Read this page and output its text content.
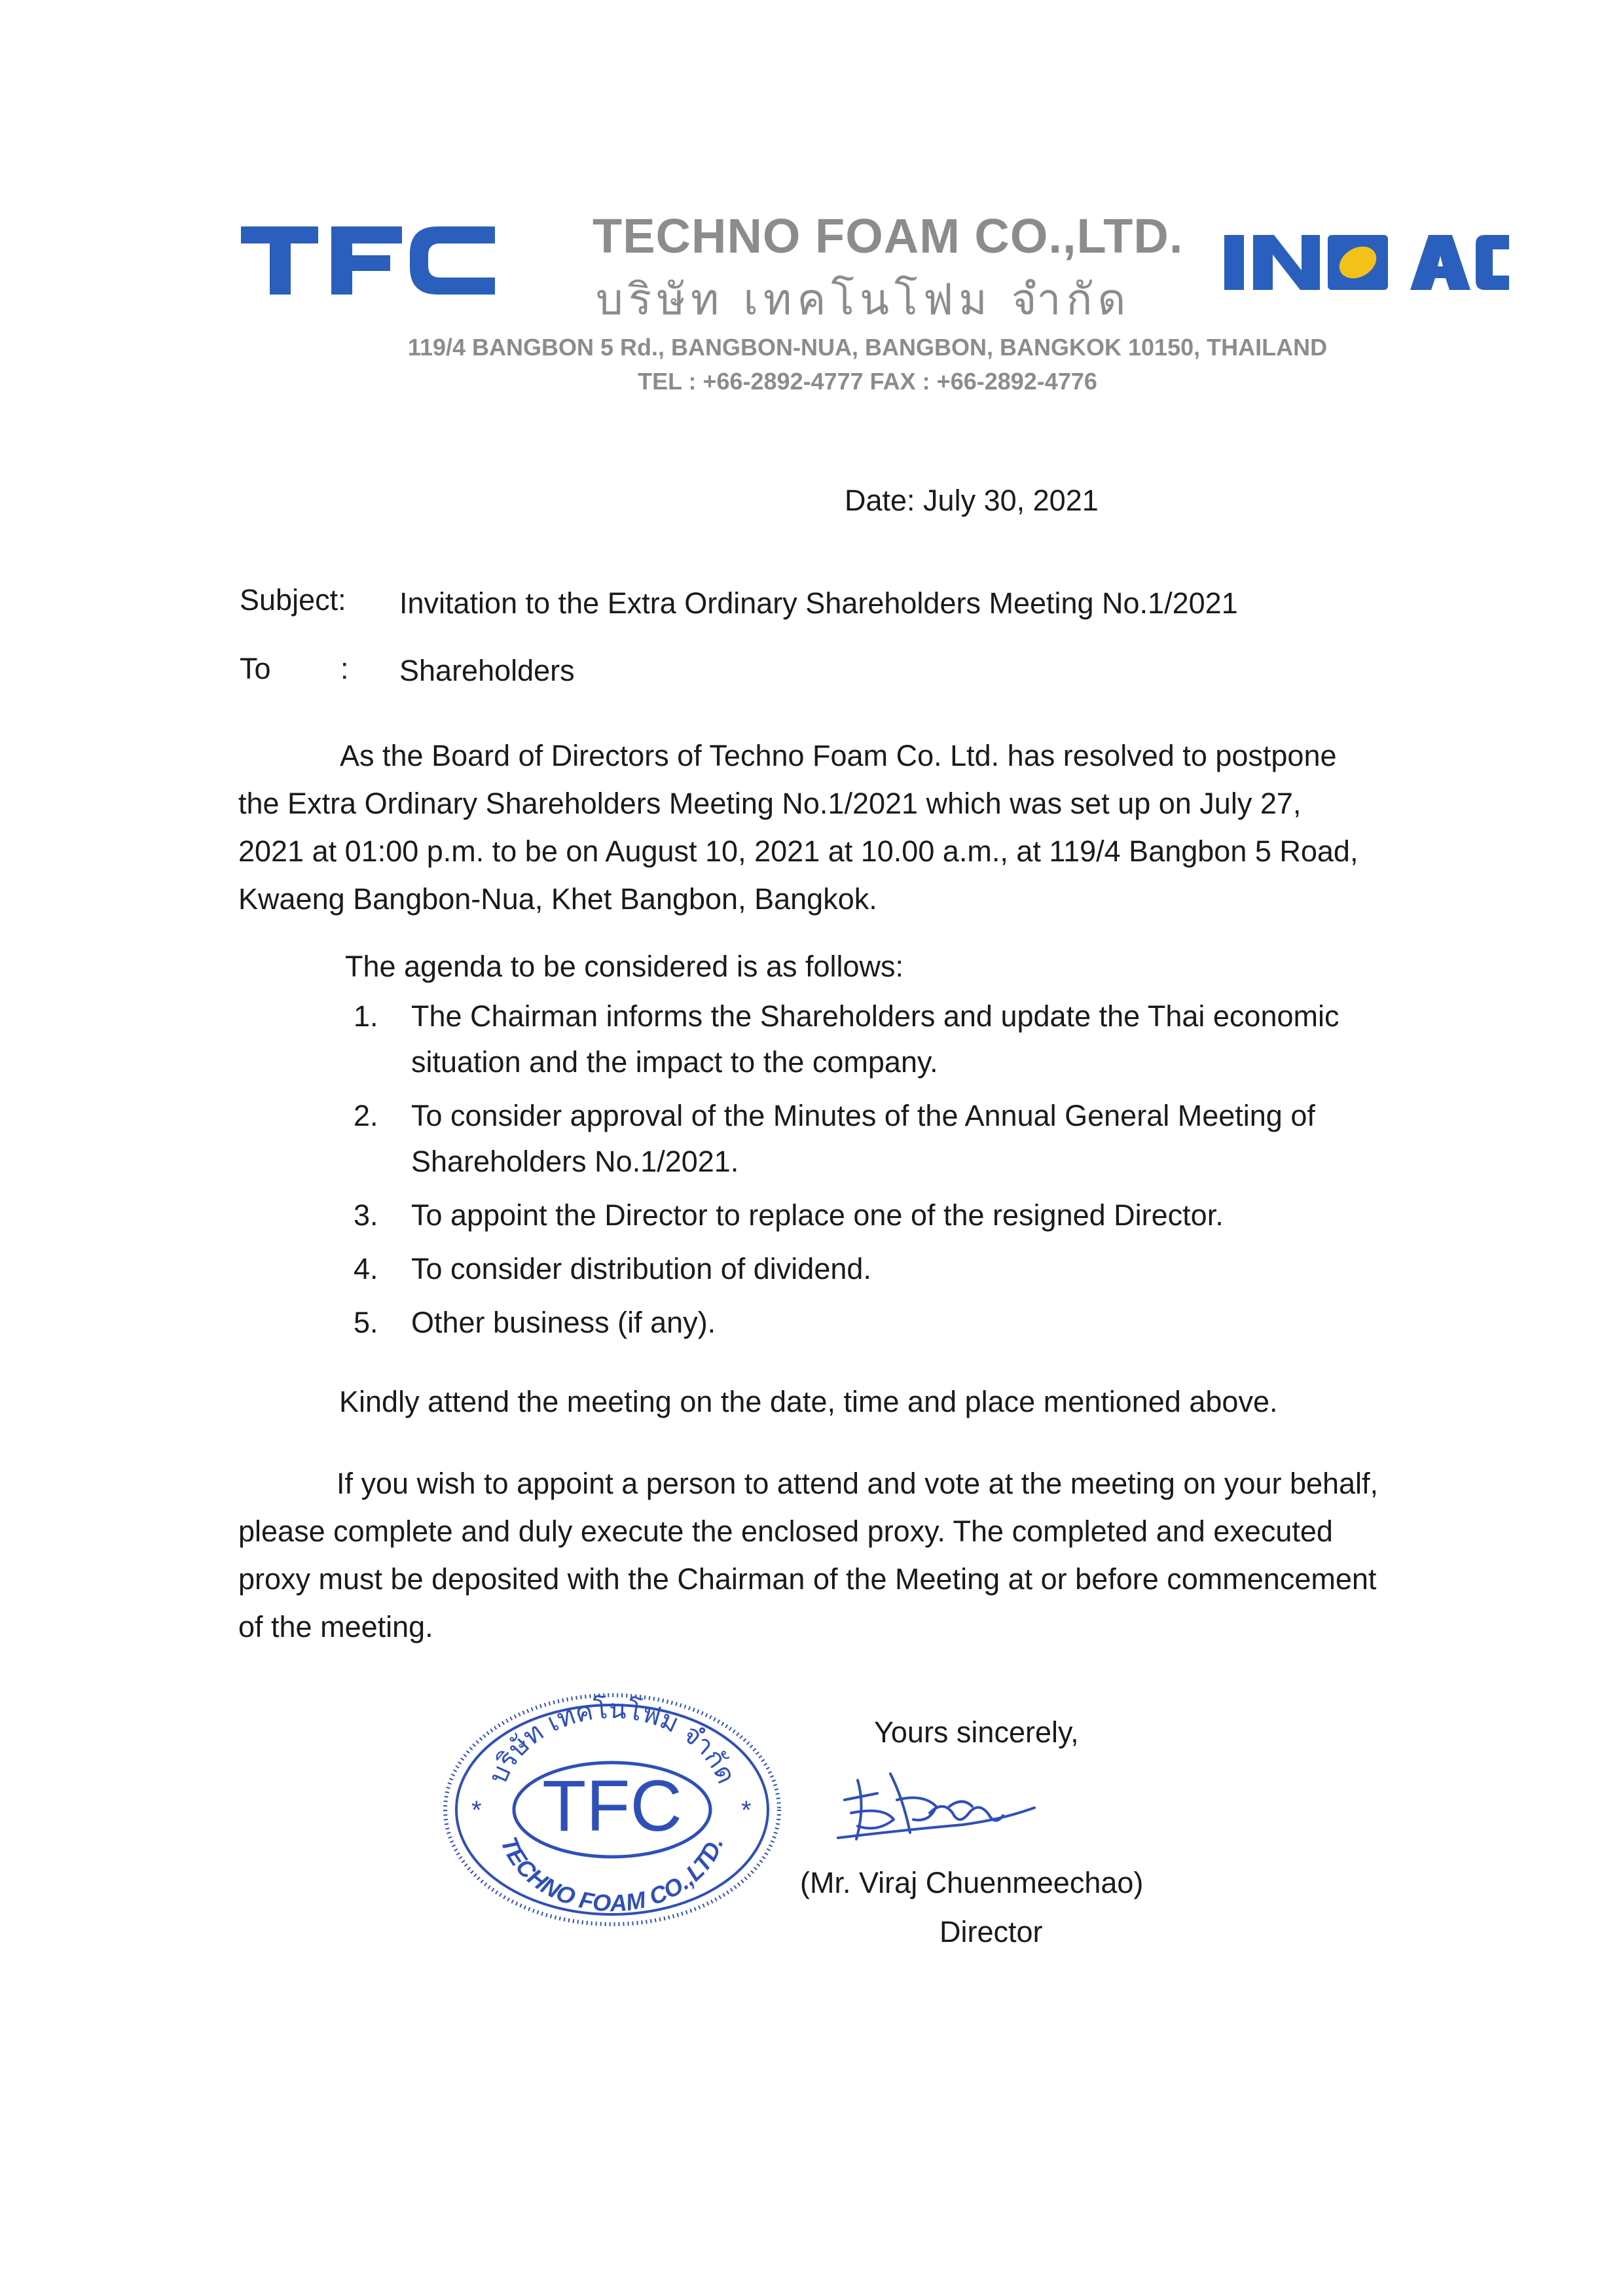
TECHNO FOAM CO.,LTD.
บริษัท เทคโนโฟม จำกัด
119/4 BANGBON 5 Rd., BANGBON-NUA, BANGBON, BANGKOK 10150, THAILAND
TEL : +66-2892-4777 FAX : +66-2892-4776
Date: July 30, 2021
Subject: Invitation to the Extra Ordinary Shareholders Meeting No.1/2021
To : Shareholders

As the Board of Directors of Techno Foam Co. Ltd. has resolved to postpone

the Extra Ordinary Shareholders Meeting No.1/2021 which was set up on July 27,

2021 at 01:00 p.m. to be on August 10, 2021 at 10.00 a.m., at 119/4 Bangbon 5 Road,

Kwaeng Bangbon-Nua, Khet Bangbon, Bangkok.

The agenda to be considered is as follows:
1. The Chairman informs the Shareholders and update the Thai economic
situation and the impact to the company.
2. To consider approval of the Minutes of the Annual General Meeting of
Shareholders No.1/2021.
3. To appoint the Director to replace one of the resigned Director.
4. To consider distribution of dividend.
5. Other business (if any).
Kindly attend the meeting on the date, time and place mentioned above.

If you wish to appoint a person to attend and vote at the meeting on your behalf,

please complete and duly execute the enclosed proxy. The completed and executed

proxy must be deposited with the Chairman of the Meeting at or before commencement

of the meeting.

บริษัท เทคโนโฟม จำกัด
TECHNO FOAM CO.,LTD.
TFC
*	*
Yours sincerely,
(Mr. Viraj Chuenmeechao)
Director
